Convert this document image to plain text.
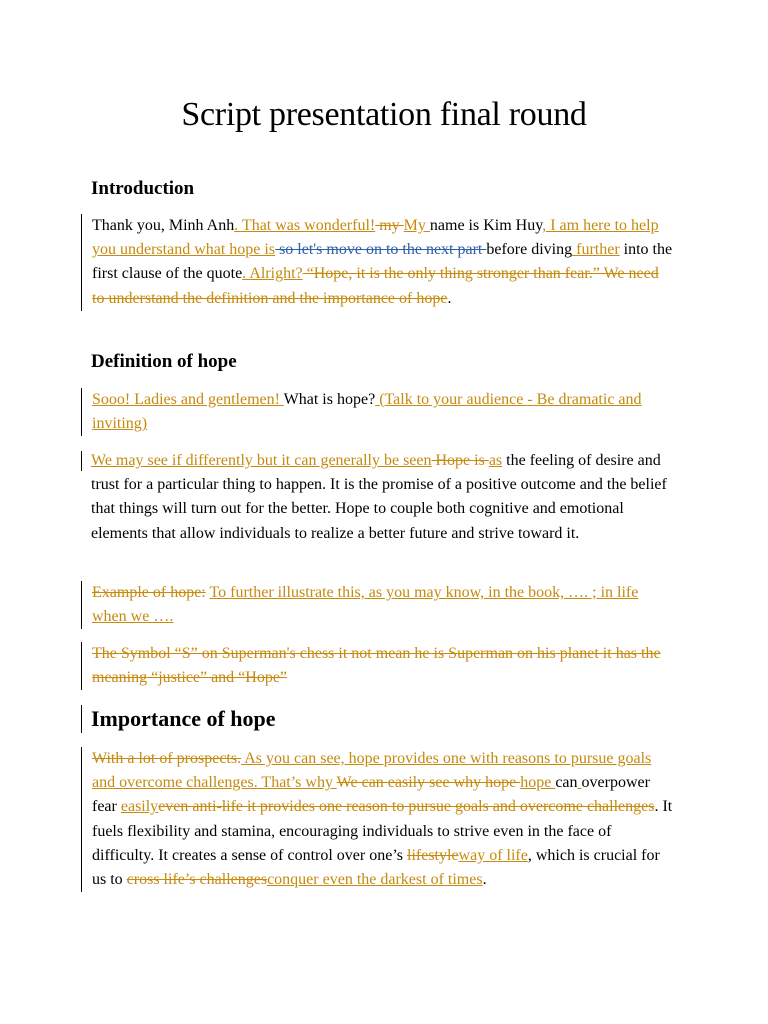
Script presentation final round
Introduction
Thank you, Minh Anh. That was wonderful! my My name is Kim Huy, I am here to help you understand what hope is so let's move on to the next part before diving further into the first clause of the quote. Alright? “Hope, it is the only thing stronger than fear.” We need to understand the definition and the importance of hope.
Definition of hope
Sooo! Ladies and gentlemen! What is hope? (Talk to your audience - Be dramatic and inviting)
We may see if differently but it can generally be seen Hope is as the feeling of desire and trust for a particular thing to happen. It is the promise of a positive outcome and the belief that things will turn out for the better. Hope to couple both cognitive and emotional elements that allow individuals to realize a better future and strive toward it.
Example of hope: To further illustrate this, as you may know, in the book, …. ; in life when we ….
The Symbol “S” on Superman's chess it not mean he is Superman on his planet it has the meaning “justice” and “Hope”
Importance of hope
With a lot of prospects. As you can see, hope provides one with reasons to pursue goals and overcome challenges. That’s why We can easily see why hope hope can overpower fear easilyeven anti-life it provides one reason to pursue goals and overcome challenges. It fuels flexibility and stamina, encouraging individuals to strive even in the face of difficulty. It creates a sense of control over one’s lifestyleway of life, which is crucial for us to cross life’s challengesconquer even the darkest of times.
